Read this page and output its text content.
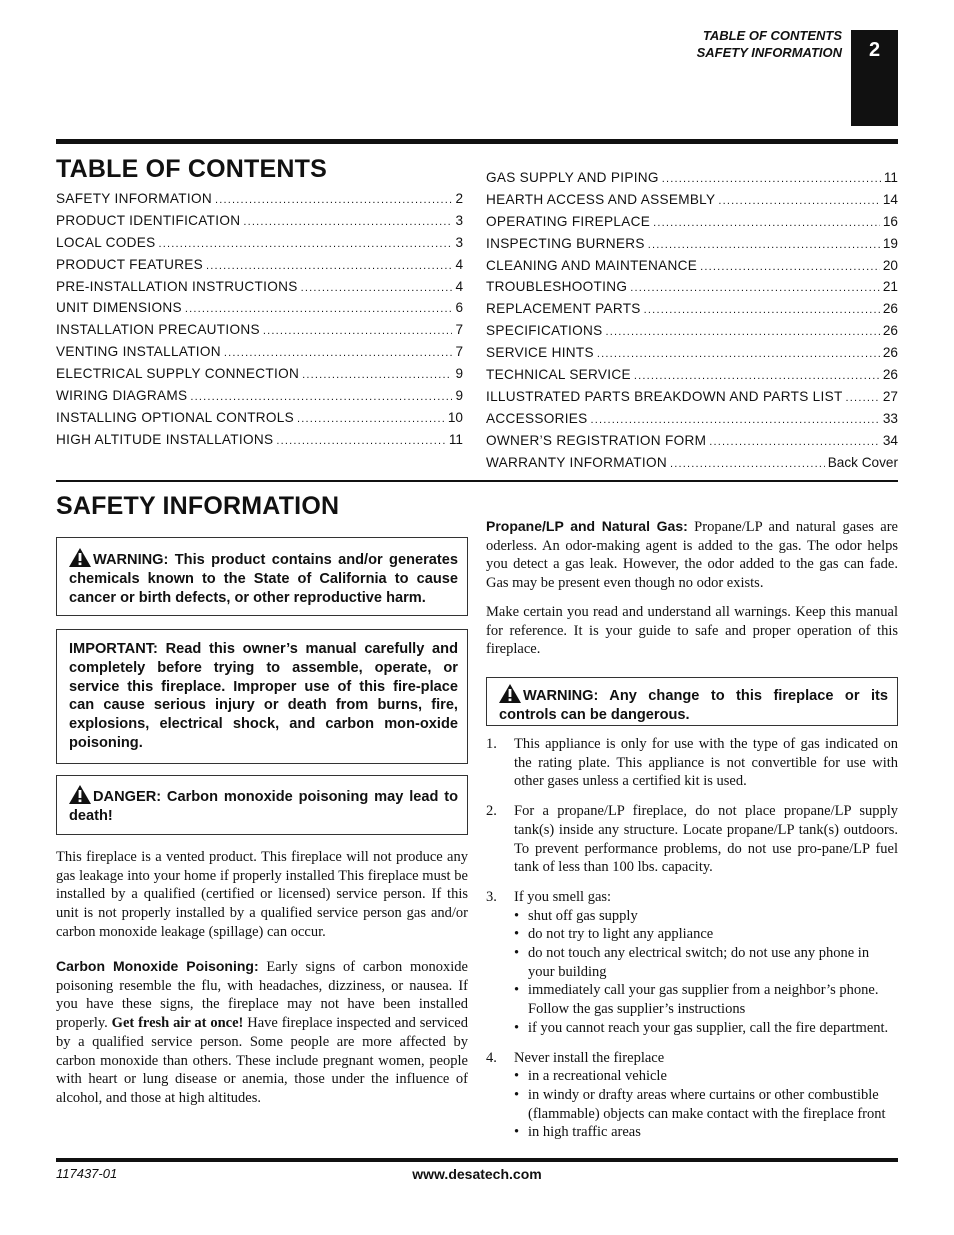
TABLE OF CONTENTS
SAFETY INFORMATION	2
TABLE OF CONTENTS
SAFETY INFORMATION .....	2
PRODUCT IDENTIFICATION .....	3
LOCAL CODES .....	3
PRODUCT FEATURES .....	4
PRE-INSTALLATION INSTRUCTIONS .....	4
UNIT DIMENSIONS .....	6
INSTALLATION PRECAUTIONS .....	7
VENTING INSTALLATION .....	7
ELECTRICAL SUPPLY CONNECTION .....	9
WIRING DIAGRAMS .....	9
INSTALLING OPTIONAL CONTROLS .....	10
HIGH ALTITUDE INSTALLATIONS .....	11
GAS SUPPLY AND PIPING .....	11
HEARTH ACCESS AND ASSEMBLY .....	14
OPERATING FIREPLACE .....	16
INSPECTING BURNERS .....	19
CLEANING AND MAINTENANCE .....	20
TROUBLESHOOTING .....	21
REPLACEMENT PARTS .....	26
SPECIFICATIONS .....	26
SERVICE HINTS .....	26
TECHNICAL SERVICE .....	26
ILLUSTRATED PARTS BREAKDOWN AND PARTS LIST .....	27
ACCESSORIES .....	33
OWNER’S REGISTRATION FORM .....	34
WARRANTY INFORMATION .....	Back Cover
SAFETY INFORMATION
WARNING: This product contains and/or generates chemicals known to the State of California to cause cancer or birth defects, or other reproductive harm.
IMPORTANT: Read this owner’s manual carefully and completely before trying to assemble, operate, or service this fireplace. Improper use of this fire-place can cause serious injury or death from burns, fire, explosions, electrical shock, and carbon mon-oxide poisoning.
DANGER: Carbon monoxide poisoning may lead to death!

This fireplace is a vented product. This fireplace will not produce any gas leakage into your home if properly installed This fireplace must be installed by a qualified (certified or licensed) service person. If this unit is not properly installed by a qualified service person gas and/or carbon monoxide leakage (spillage) can occur.

Carbon Monoxide Poisoning: Early signs of carbon monoxide poisoning resemble the flu, with headaches, dizziness, or nausea. If you have these signs, the fireplace may not have been installed properly. Get fresh air at once! Have fireplace inspected and serviced by a qualified service person. Some people are more affected by carbon monoxide than others. These include pregnant women, people with heart or lung disease or anemia, those under the influence of alcohol, and those at high altitudes.

Propane/LP and Natural Gas: Propane/LP and natural gases are oderless. An odor-making agent is added to the gas. The odor helps you detect a gas leak. However, the odor added to the gas can fade. Gas may be present even though no odor exists.

Make certain you read and understand all warnings. Keep this manual for reference. It is your guide to safe and proper operation of this fireplace.

WARNING: Any change to this fireplace or its controls can be dangerous.
1. This appliance is only for use with the type of gas indicated on the rating plate. This appliance is not convertible for use with other gases unless a certified kit is used.
2. For a propane/LP fireplace, do not place propane/LP supply tank(s) inside any structure. Locate propane/LP tank(s) outdoors. To prevent performance problems, do not use pro-pane/LP fuel tank of less than 100 lbs. capacity.
3. If you smell gas:
• shut off gas supply
• do not try to light any appliance
• do not touch any electrical switch; do not use any phone in your building
• immediately call your gas supplier from a neighbor’s phone. Follow the gas supplier’s instructions
• if you cannot reach your gas supplier, call the fire department.
4. Never install the fireplace
• in a recreational vehicle
• in windy or drafty areas where curtains or other combustible (flammable) objects can make contact with the fireplace front
• in high traffic areas
117437-01	www.desatech.com
